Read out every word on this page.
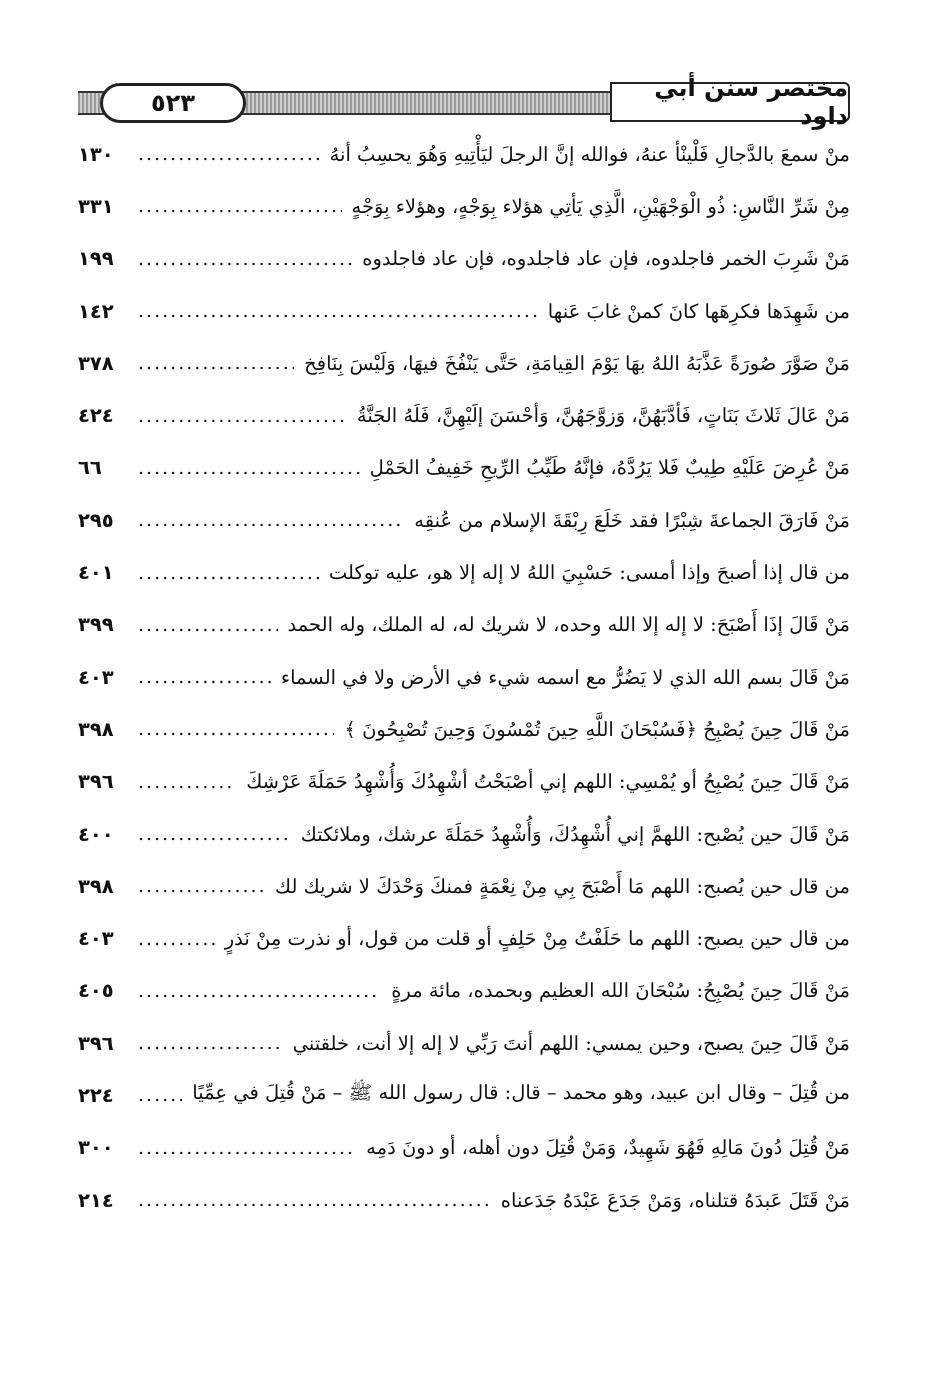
٥٢٣
مختصر سنن أبي داود
منْ سمعَ بالدَّجالِ فَلْينْأ عنهُ، فوالله إنَّ الرجلَ ليَأْتِيهِ وَهُوَ يحسِبُ أنهُ
.....
١٣٠
مِنْ شَرِّ النَّاسِ: ذُو الْوَجْهَيْنِ، الَّذِي يَأتِي هؤلاء بِوَجْهٍ، وهؤلاء بِوَجْهٍ
.....
٣٣١
مَنْ شَرِبَ الخمر فاجلدوه، فإن عاد فاجلدوه، فإن عاد فاجلدوه
.....
١٩٩
من شَهِدَها فكرِهَها كانَ كمنْ غابَ عَنها
.....
١٤٢
مَنْ صَوَّرَ صُورَةً عَذَّبَهُ اللهُ بهَا يَوْمَ القِيامَةِ، حَتَّى يَنْفُخَ فيهَا، وَلَيْسَ بِنَافِخ
.....
٣٧٨
مَنْ عَالَ ثَلاثَ بَنَاتٍ، فَأدَّبَهُنَّ، وَزوَّجَهُنَّ، وَأحْسَنَ إلَيْهِنَّ، فَلَهُ الجَنَّةُ
.....
٤٢٤
مَنْ عُرِضَ عَلَيْهِ طِيبٌ فَلا يَرُدَّهُ، فإنَّهُ طَيِّبُ الرِّيحِ خَفِيفُ الحَمْلِ
.....
٦٦
مَنْ فَارَقَ الجماعةَ شِبْرًا فقد خَلَعَ رِبْقَةَ الإسلام من عُنقِه
.....
٢٩٥
من قال إذا أصبحَ وإذا أمسى: حَسْبِيَ اللهُ لا إله إلا هو، عليه توكلت
.....
٤٠١
مَنْ قَالَ إذَا أَصْبَحَ: لا إله إلا الله وحده، لا شريك له، له الملك، وله الحمد
.....
٣٩٩
مَنْ قَالَ بسم الله الذي لا يَضُرُّ مع اسمه شيء في الأرض ولا في السماء
.....
٤٠٣
مَنْ قَالَ حِينَ يُصْبِحُ ﴿فَسُبْحَانَ اللَّهِ حِينَ تُمْسُونَ وَحِينَ تُصْبِحُونَ ﴾
.....
٣٩٨
مَنْ قَالَ حِينَ يُصْبِحُ أو يُمْسِي: اللهم إني أصْبَحْتُ أشْهِدُكَ وَأُشْهِدُ حَمَلَةَ عَرْشِكَ
.....
٣٩٦
مَنْ قَالَ حين يُصْبح: اللهمَّ إني أُشْهِدُكَ، وَأُشْهِدُ حَمَلَةَ عرشك، وملائكتك
.....
٤٠٠
من قال حين يُصبح: اللهم مَا أَصْبَحَ بِي مِنْ نِعْمَةٍ فمنكَ وَحْدَكَ لا شريك لك
.....
٣٩٨
من قال حين يصبح: اللهم ما حَلَفْتُ مِنْ حَلِفٍ أو قلت من قول، أو نذرت مِنْ نَذرٍ
.....
٤٠٣
مَنْ قَالَ حِينَ يُصْبِحُ: سُبْحَانَ الله العظيم وبحمده، مائة مرةٍ
.....
٤٠٥
مَنْ قَالَ حِينَ يصبح، وحين يمسي: اللهم أنتَ رَبِّي لا إله إلا أنت، خلقتني
.....
٣٩٦
من قُتِلَ – وقال ابن عبيد، وهو محمد – قال: قال رسول الله ﷺ – مَنْ قُتِلَ في عِمِّيًا
.....
٢٢٤
مَنْ قُتِلَ دُونَ مَالِهِ فَهُوَ شَهِيدٌ، وَمَنْ قُتِلَ دون أهله، أو دونَ دَمِه
.....
٣٠٠
مَنْ قَتَلَ عَبدَهُ قتلناه، وَمَنْ جَدَعَ عَبْدَهُ جَدَعناه
.....
٢١٤
